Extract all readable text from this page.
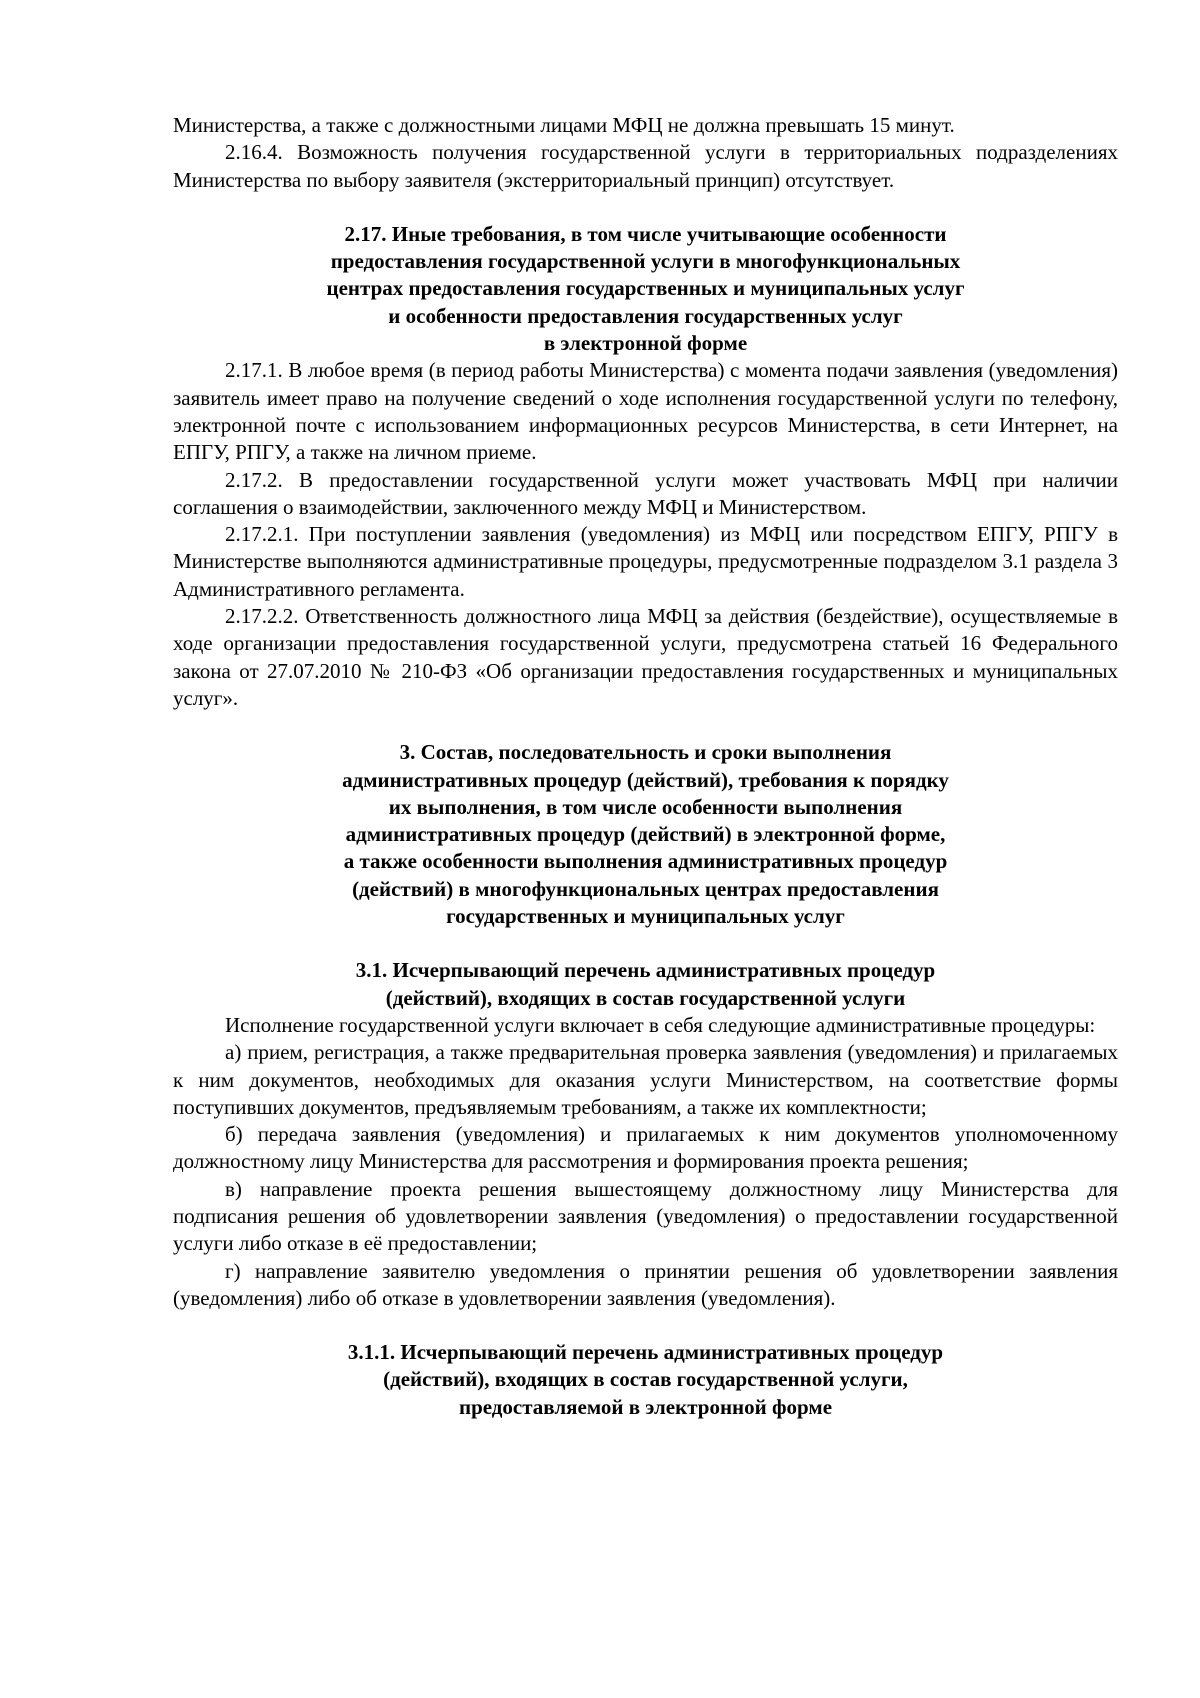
Министерства, а также с должностными лицами МФЦ не должна превышать 15 минут.

2.16.4. Возможность получения государственной услуги в территориальных подразделениях Министерства по выбору заявителя (экстерриториальный принцип) отсутствует.

2.17. Иные требования, в том числе учитывающие особенности
предоставления государственной услуги в многофункциональных
центрах предоставления государственных и муниципальных услуг
и особенности предоставления государственных услуг
в электронной форме

2.17.1. В любое время (в период работы Министерства) с момента подачи заявления (уведомления) заявитель имеет право на получение сведений о ходе исполнения государственной услуги по телефону, электронной почте с использованием информационных ресурсов Министерства, в сети Интернет, на ЕПГУ, РПГУ, а также на личном приеме.

2.17.2. В предоставлении государственной услуги может участвовать МФЦ при наличии соглашения о взаимодействии, заключенного между МФЦ и Министерством.

2.17.2.1. При поступлении заявления (уведомления) из МФЦ или посредством ЕПГУ, РПГУ в Министерстве выполняются административные процедуры, предусмотренные подразделом 3.1 раздела 3 Административного регламента.

2.17.2.2. Ответственность должностного лица МФЦ за действия (бездействие), осуществляемые в ходе организации предоставления государственной услуги, предусмотрена статьей 16 Федерального закона от 27.07.2010 № 210-ФЗ «Об организации предоставления государственных и муниципальных услуг».

3. Состав, последовательность и сроки выполнения
административных процедур (действий), требования к порядку
их выполнения, в том числе особенности выполнения
административных процедур (действий) в электронной форме,
а также особенности выполнения административных процедур
(действий) в многофункциональных центрах предоставления
государственных и муниципальных услуг
3.1. Исчерпывающий перечень административных процедур
(действий), входящих в состав государственной услуги

Исполнение государственной услуги включает в себя следующие административные процедуры:

а) прием, регистрация, а также предварительная проверка заявления (уведомления) и прилагаемых к ним документов, необходимых для оказания услуги Министерством, на соответствие формы поступивших документов, предъявляемым требованиям, а также их комплектности;

б) передача заявления (уведомления) и прилагаемых к ним документов уполномоченному должностному лицу Министерства для рассмотрения и формирования проекта решения;

в) направление проекта решения вышестоящему должностному лицу Министерства для подписания решения об удовлетворении заявления (уведомления) о предоставлении государственной услуги либо отказе в её предоставлении;

г) направление заявителю уведомления о принятии решения об удовлетворении заявления (уведомления) либо об отказе в удовлетворении заявления (уведомления).

3.1.1. Исчерпывающий перечень административных процедур
(действий), входящих в состав государственной услуги,
предоставляемой в электронной форме
